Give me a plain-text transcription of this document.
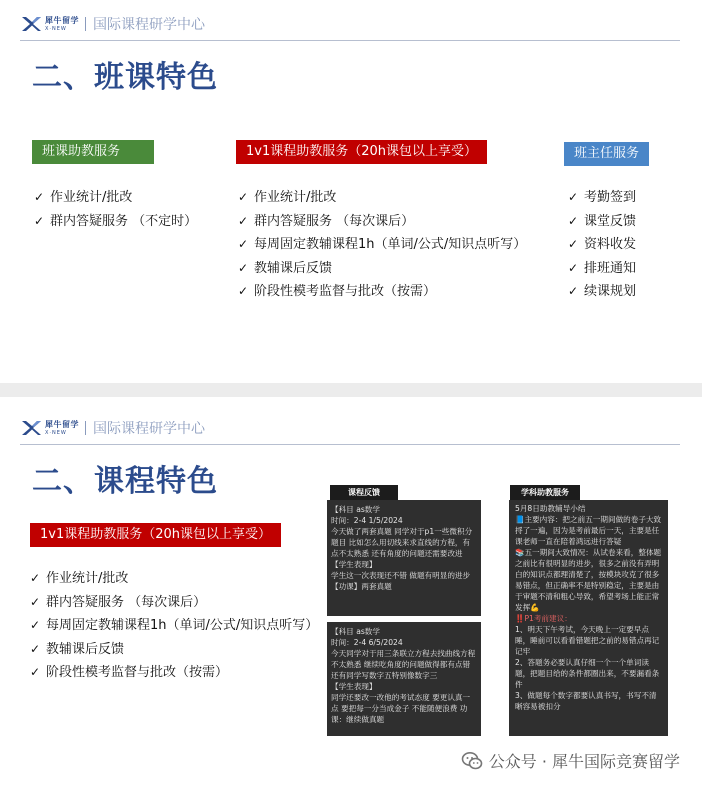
犀牛留学
X·NEW	国际课程研学中心
二、班课特色
班课助教服务	1v1课程助教服务（20h课包以上享受）	班主任服务
✓ 作业统计/批改
✓ 群内答疑服务 （不定时）
✓ 作业统计/批改
✓ 群内答疑服务 （每次课后）
✓ 每周固定教辅课程1h（单词/公式/知识点听写）
✓ 教辅课后反馈
✓ 阶段性模考监督与批改（按需）
✓ 考勤签到
✓ 课堂反馈
✓ 资料收发
✓ 排班通知
✓ 续课规划
犀牛留学
X·NEW	国际课程研学中心
二、课程特色
1v1课程助教服务（20h课包以上享受）
✓ 作业统计/批改
✓ 群内答疑服务 （每次课后）
✓ 每周固定教辅课程1h（单词/公式/知识点听写）
✓ 教辅课后反馈
✓ 阶段性模考监督与批改（按需）
课程反馈

【科目 as数学

时间：2-4 1/5/2024

今天做了两套真题 同学对于p1一些微积分题目 比如怎么用切线来求直线的方程，有点不太熟悉 还有角度的问题还需要改进

【学生表现】

学生这一次表现还不错 做题有明显的进步

【功课】两套真题

【科目 as数学

时间：2-4 6/5/2024

今天同学对于用三条联立方程去找曲线方程不太熟悉 继续吃角度的问题做得都有点错 还有同学写数字五特别像数字三

【学生表现】

同学还要改一改他的考试态度 要更认真一点 要把每一分当成金子 不能随便浪费 功课：继续做真题

学科助教服务

5月8日助教辅导小结

📘主要内容：把之前五一期间做的卷子大致捋了一遍，因为是考前最后一天，主要是任课老师一直在陪着鸿远进行答疑

📚五一期间大致情况：从试卷来看，整体题之前比有很明显的进步，很多之前没有弄明白的知识点都理清楚了，按模块攻克了很多易错点，但正确率不是特别稳定，主要是由于审题不清和粗心导致，希望考场上能正常发挥💪

‼️P1考前建议：

1、明天下午考试，今天晚上一定要早点睡，睡前可以看看错题把之前的易错点再记记牢

2、答题务必要认真仔细一个一个单词读题，把题目给的条件都圈出来，不要漏看条件

3、做题每个数字都要认真书写，书写不清晰容易被扣分

公众号 · 犀牛国际竞赛留学
